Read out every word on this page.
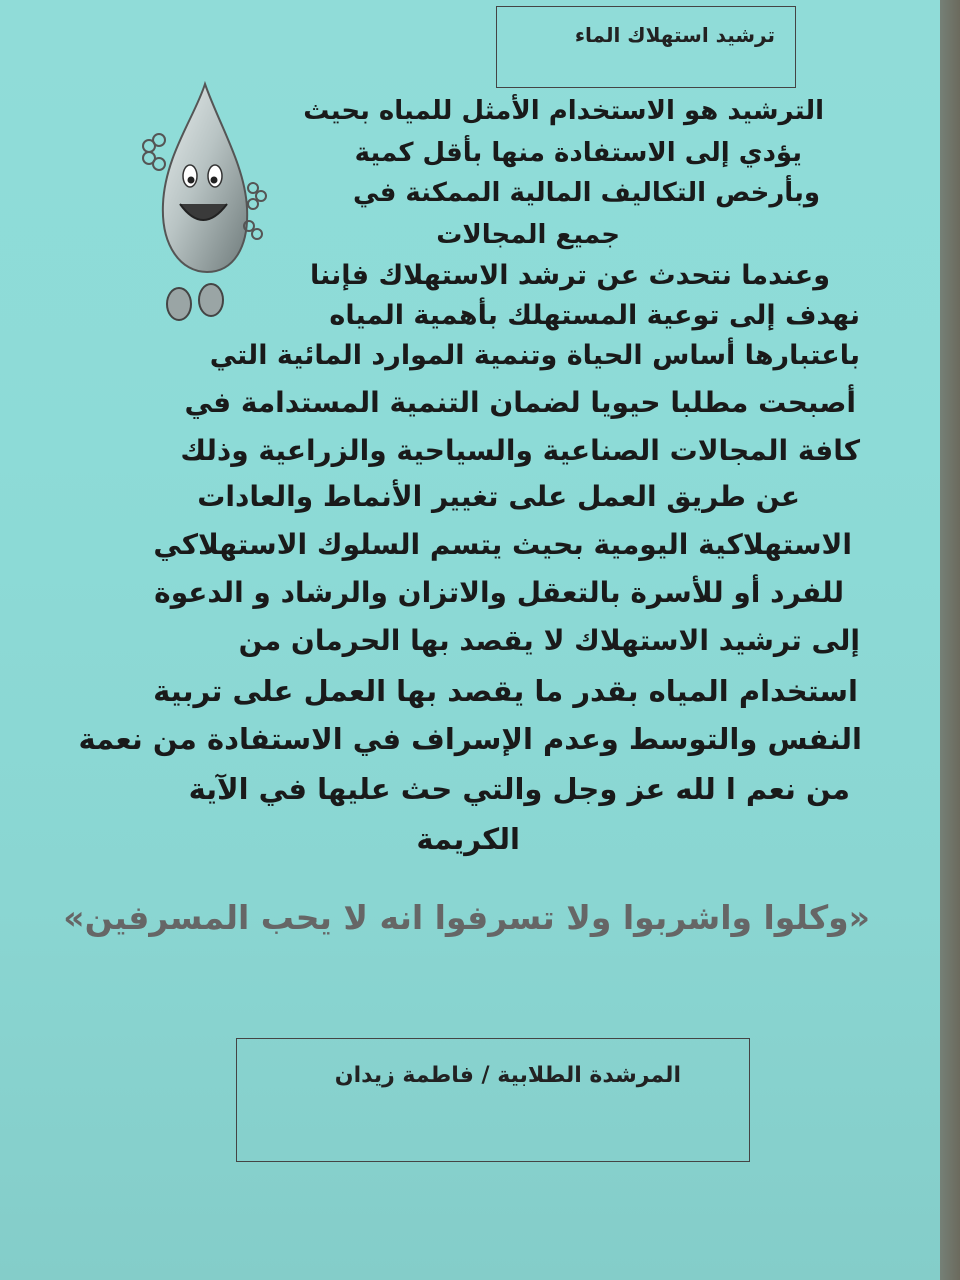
ترشيد استهلاك الماء
الترشيد هو الاستخدام الأمثل للمياه بحيث
يؤدي إلى الاستفادة منها بأقل كمية
وبأرخص التكاليف المالية الممكنة في
جميع المجالات
وعندما نتحدث عن ترشد الاستهلاك فإننا
نهدف إلى توعية المستهلك بأهمية المياه
باعتبارها أساس الحياة وتنمية الموارد المائية التي
أصبحت مطلبا حيويا لضمان التنمية المستدامة في
كافة المجالات الصناعية والسياحية والزراعية وذلك
عن طريق العمل على تغيير الأنماط والعادات
الاستهلاكية اليومية بحيث يتسم السلوك الاستهلاكي
للفرد أو للأسرة بالتعقل والاتزان والرشاد و الدعوة
إلى ترشيد الاستهلاك لا يقصد بها الحرمان من
استخدام المياه بقدر ما يقصد بها العمل على تربية
النفس والتوسط وعدم الإسراف في الاستفادة من نعمة
من نعم ا لله عز وجل والتي حث عليها في الآية
الكريمة
«وكلوا واشربوا ولا تسرفوا انه لا يحب المسرفين»
المرشدة الطلابية / فاطمة زيدان
